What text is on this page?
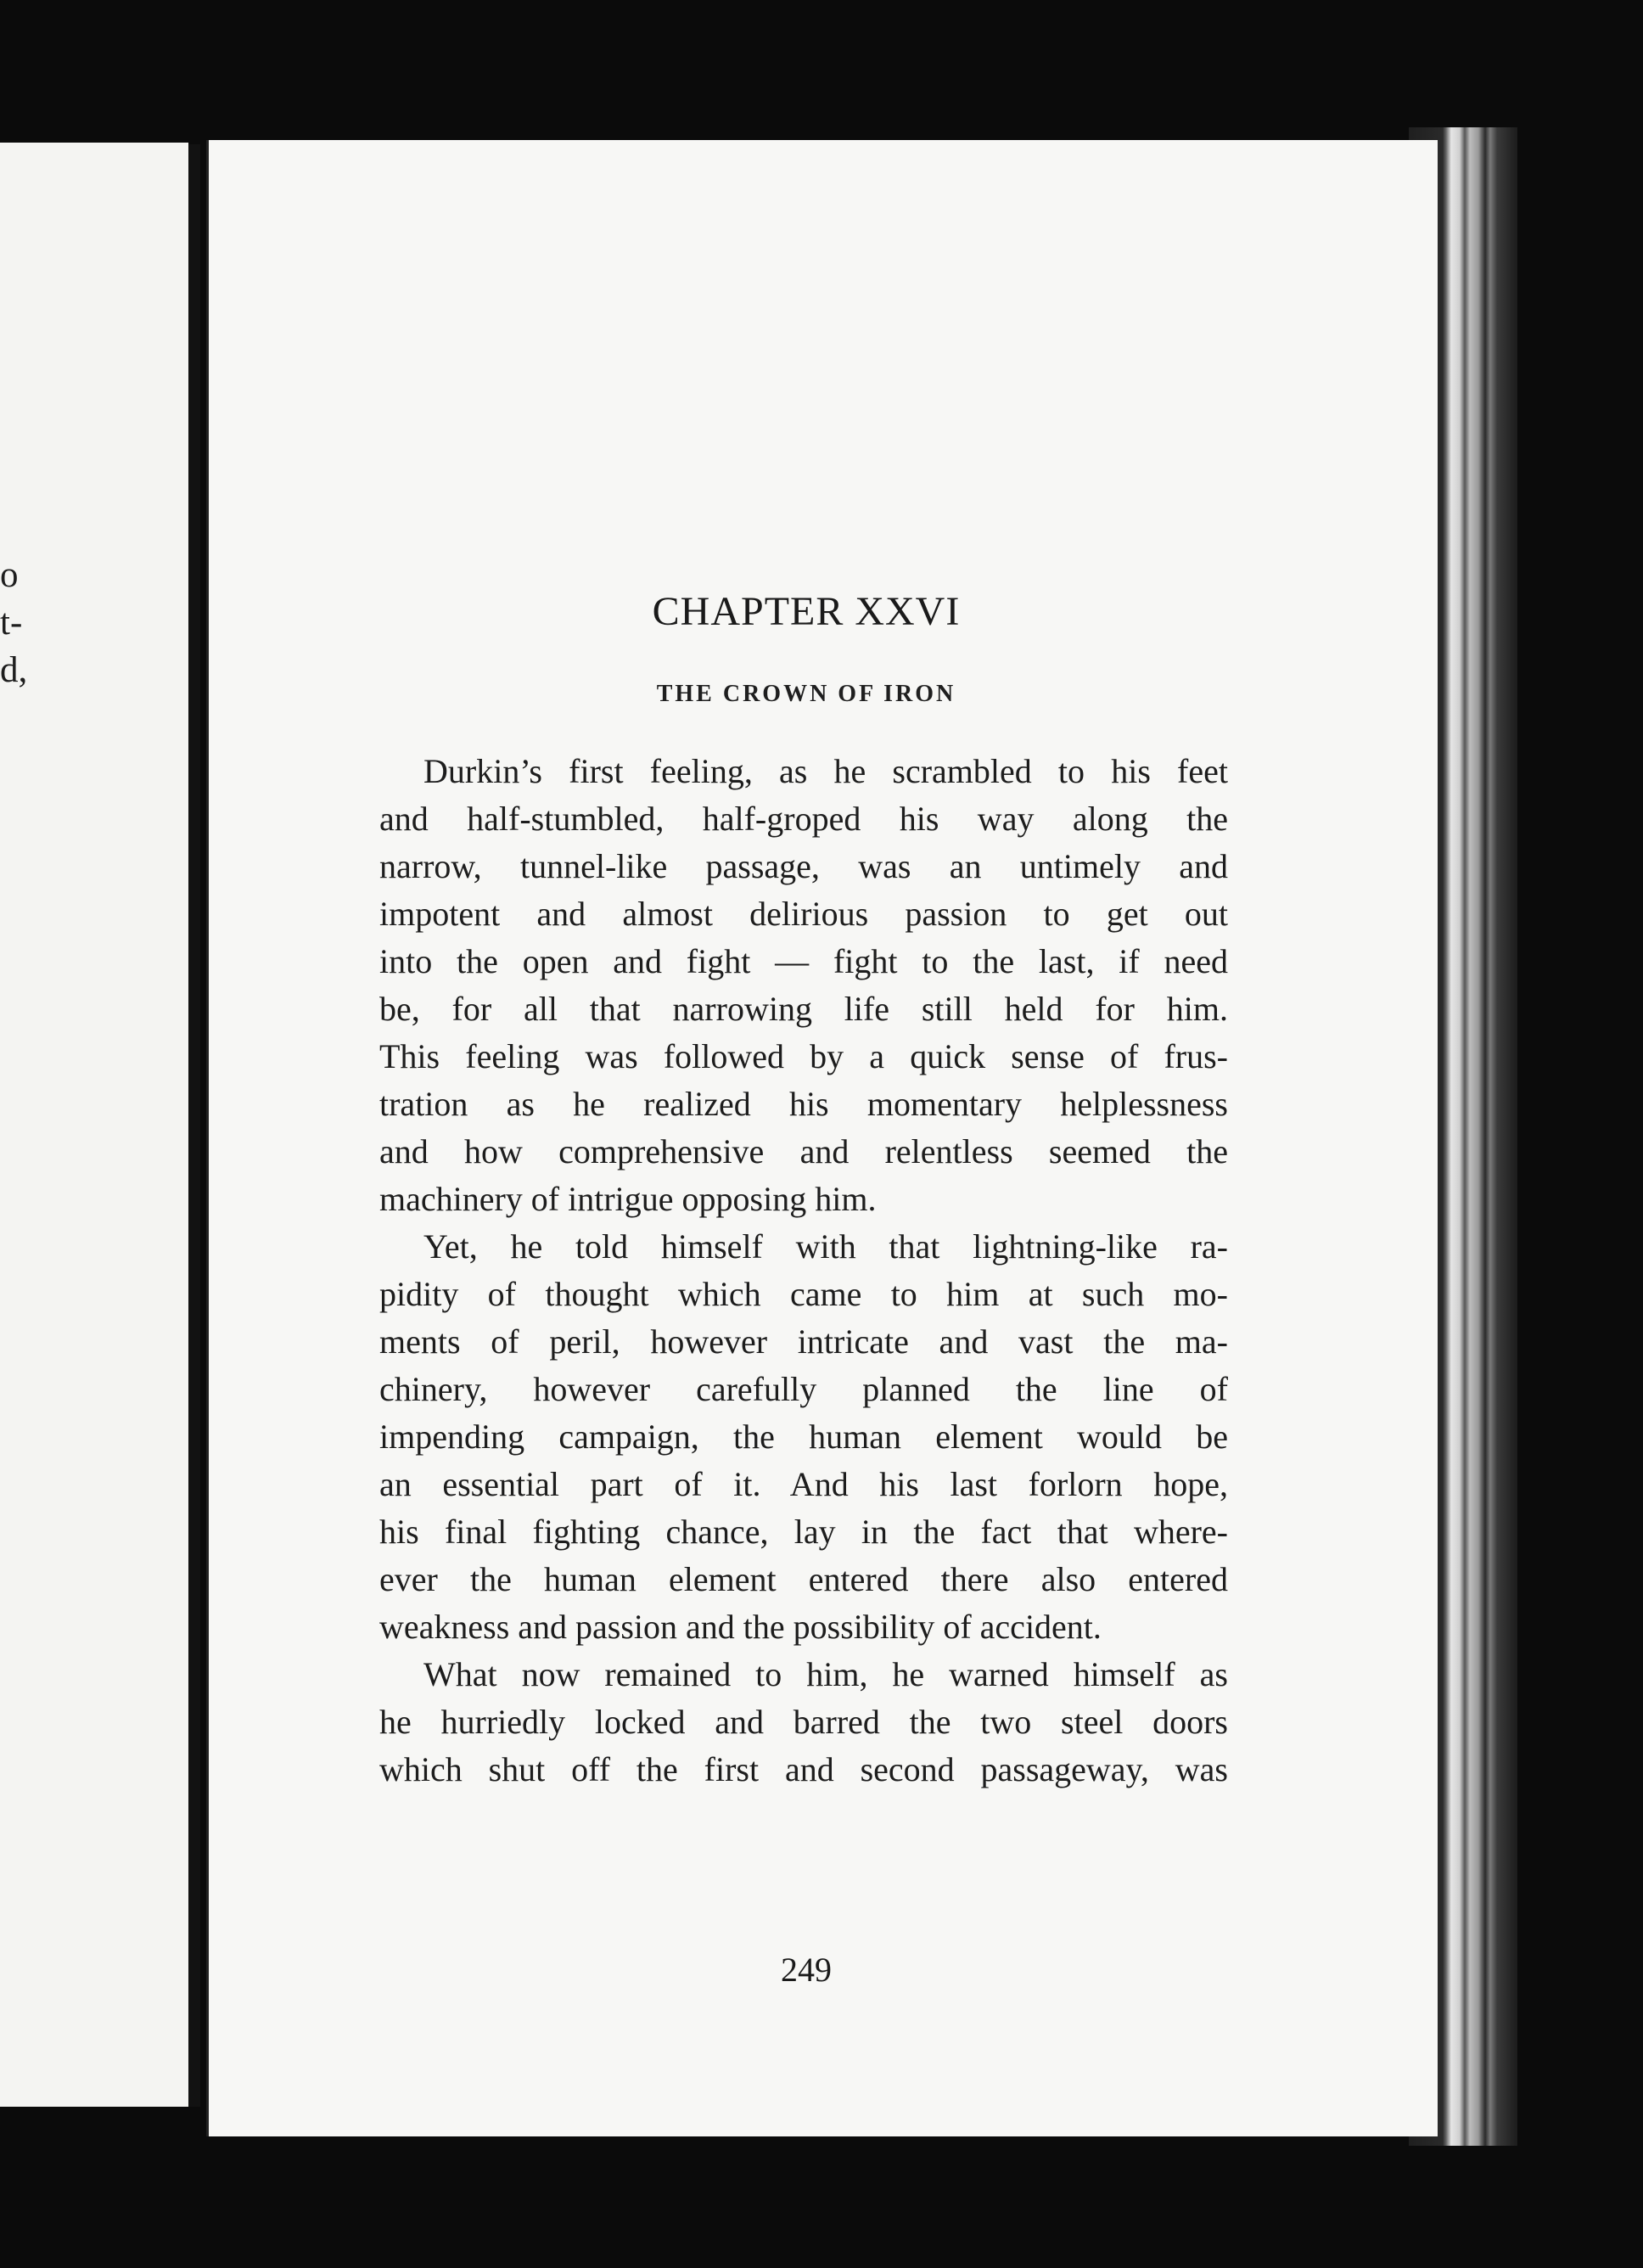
o
t-
d,
CHAPTER XXVI
THE CROWN OF IRON
Durkin’s first feeling, as he scrambled to his feet
and half-stumbled, half-groped his way along the
narrow, tunnel-like passage, was an untimely and
impotent and almost delirious passion to get out
into the open and fight — fight to the last, if need
be, for all that narrowing life still held for him.
This feeling was followed by a quick sense of frus-
tration as he realized his momentary helplessness
and how comprehensive and relentless seemed the
machinery of intrigue opposing him.
Yet, he told himself with that lightning-like ra-
pidity of thought which came to him at such mo-
ments of peril, however intricate and vast the ma-
chinery, however carefully planned the line of
impending campaign, the human element would be
an essential part of it. And his last forlorn hope,
his final fighting chance, lay in the fact that where-
ever the human element entered there also entered
weakness and passion and the possibility of accident.
What now remained to him, he warned himself as
he hurriedly locked and barred the two steel doors
which shut off the first and second passageway, was
249
